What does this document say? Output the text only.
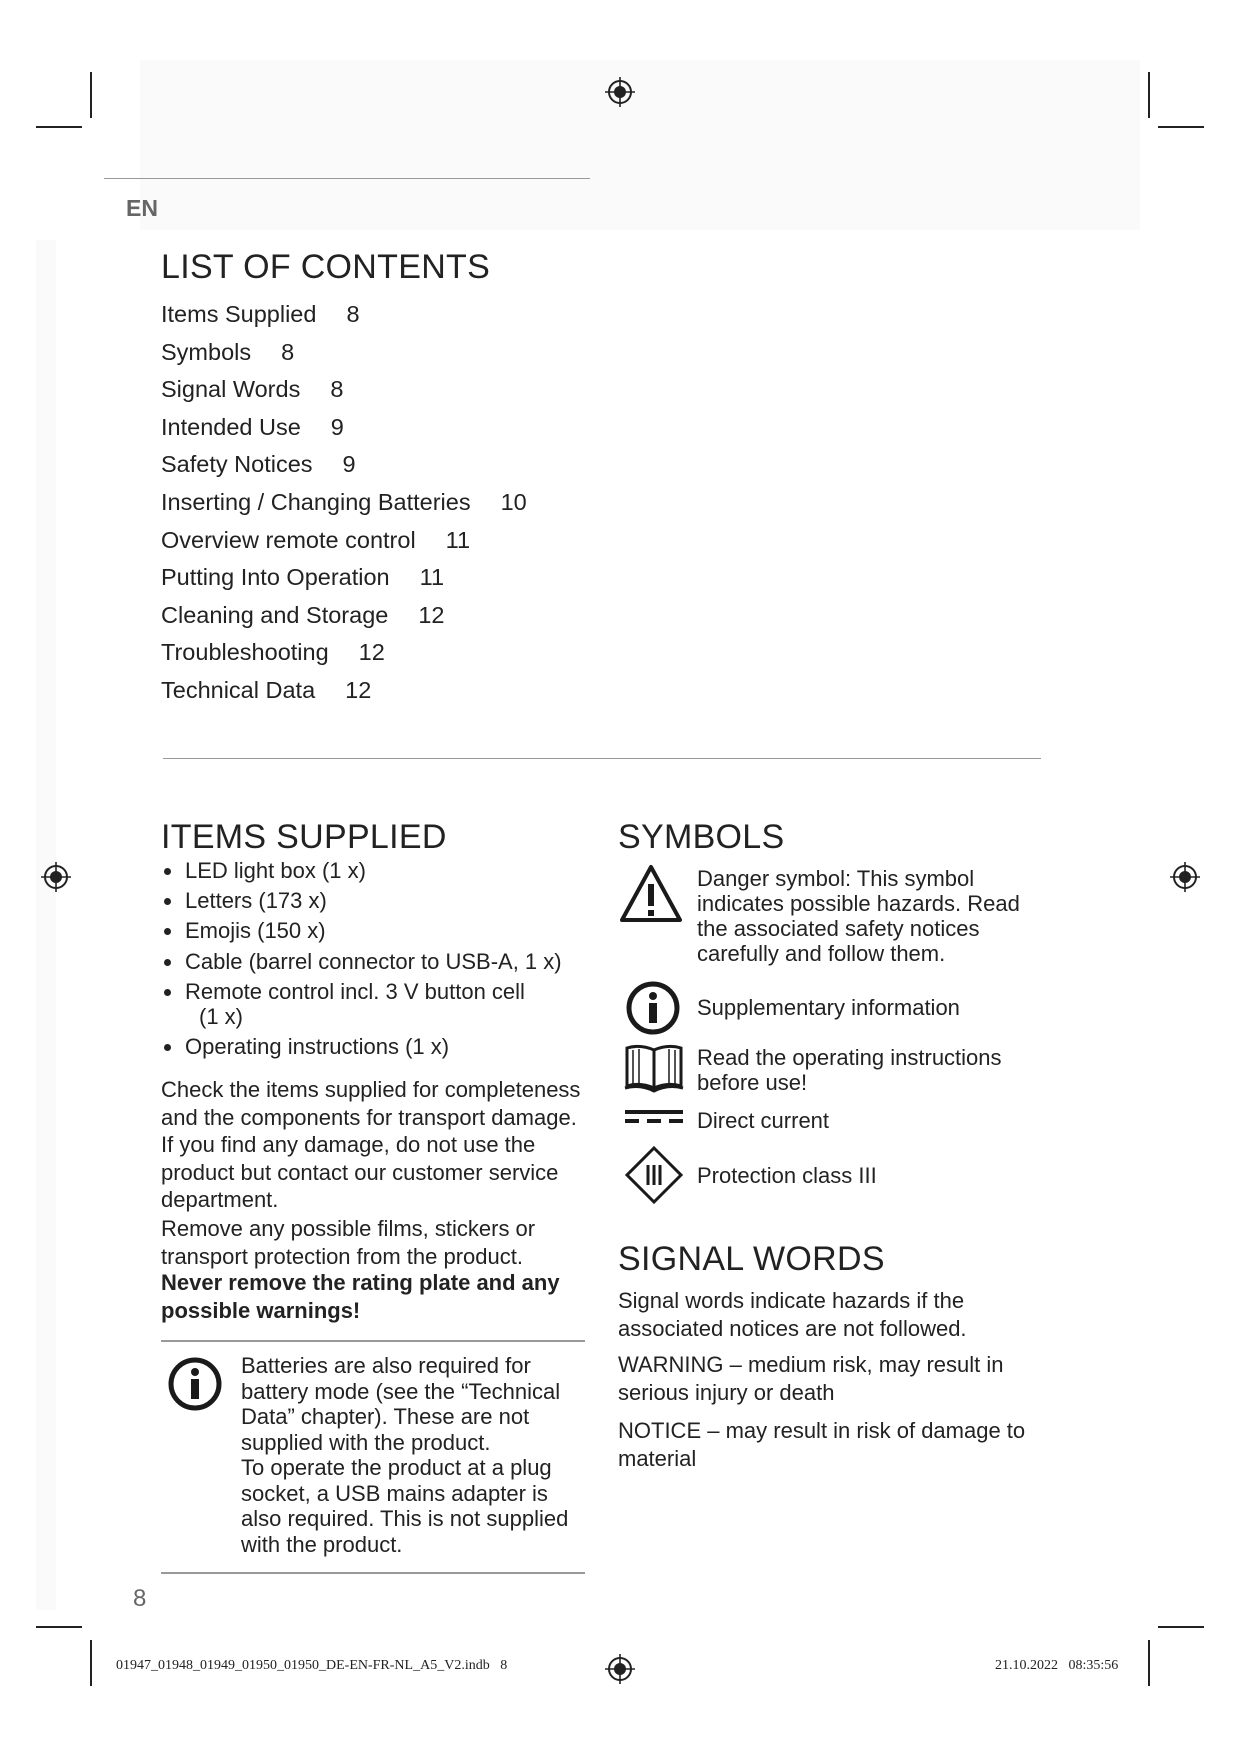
EN
LIST OF CONTENTS
Items Supplied 8
Symbols 8
Signal Words 8
Intended Use 9
Safety Notices 9
Inserting / Changing Batteries 10
Overview remote control 11
Putting Into Operation 11
Cleaning and Storage 12
Troubleshooting 12
Technical Data 12
ITEMS SUPPLIED
LED light box (1 x)
Letters (173 x)
Emojis (150 x)
Cable (barrel connector to USB-A, 1 x)
Remote control incl. 3 V button cell
(1 x)
Operating instructions (1 x)

Check the items supplied for completeness and the components for transport damage. If you find any damage, do not use the product but contact our customer service department.

Remove any possible films, stickers or transport protection from the product.

Never remove the rating plate and any possible warnings!

Batteries are also required for battery mode (see the “Technical Data” chapter). These are not supplied with the product.
To operate the product at a plug socket, a USB mains adapter is also required. This is not supplied with the product.
SYMBOLS
Danger symbol: This symbol indicates possible hazards. Read the associated safety notices carefully and follow them.
Supplementary information
Read the operating instructions before use!
Direct current
Protection class III
SIGNAL WORDS

Signal words indicate hazards if the associated notices are not followed.

WARNING – medium risk, may result in serious injury or death

NOTICE – may result in risk of damage to material

8
01947_01948_01949_01950_01950_DE-EN-FR-NL_A5_V2.indb   8	21.10.2022   08:35:56
